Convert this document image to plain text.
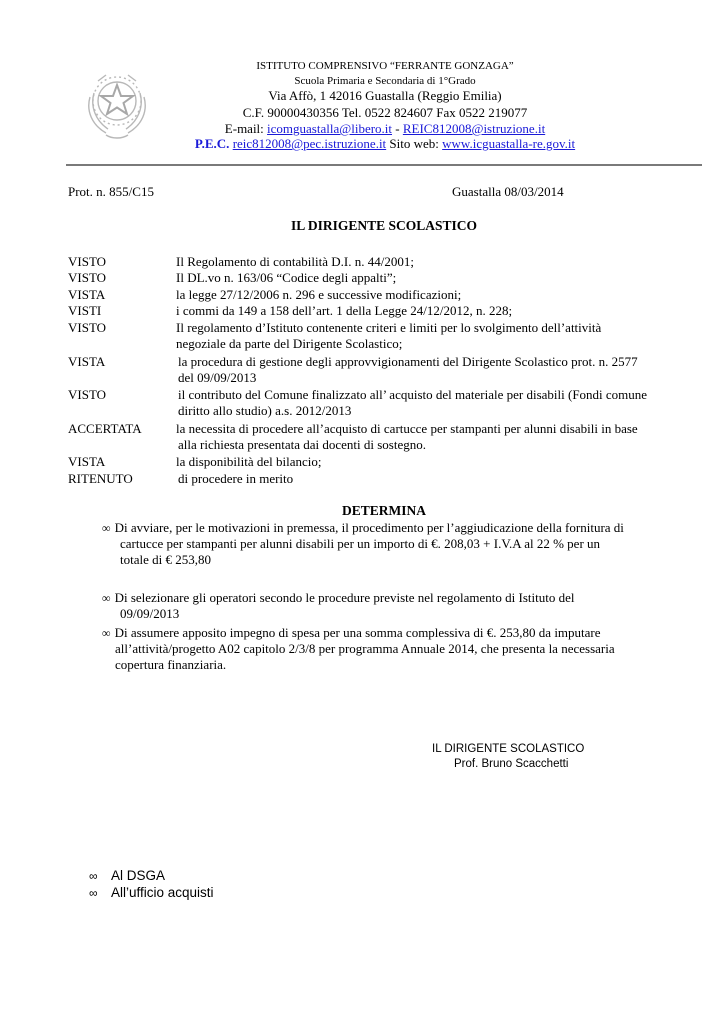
ISTITUTO COMPRENSIVO “FERRANTE GONZAGA”
Scuola Primaria e Secondaria di 1°Grado
Via Affò, 1 42016 Guastalla (Reggio Emilia)
C.F. 90000430356 Tel. 0522 824607 Fax 0522 219077
E-mail: icomguastalla@libero.it - REIC812008@istruzione.it
P.E.C. reic812008@pec.istruzione.it Sito web: www.icguastalla-re.gov.it
Prot. n. 855/C15	Guastalla 08/03/2014
IL DIRIGENTE SCOLASTICO
VISTO	Il Regolamento di contabilità D.I. n. 44/2001;
VISTO	Il DL.vo n. 163/06 “Codice degli appalti”;
VISTA	la legge 27/12/2006 n. 296 e successive modificazioni;
VISTI	i commi da 149 a 158 dell’art. 1 della Legge 24/12/2012, n. 228;
VISTO	Il regolamento d’Istituto contenente criteri e limiti per lo svolgimento dell’attività
negoziale da parte del Dirigente Scolastico;
VISTA	la procedura di gestione degli approvvigionamenti del Dirigente Scolastico prot. n. 2577
del 09/09/2013
VISTO	il contributo del Comune finalizzato all’ acquisto del materiale per disabili (Fondi comune
diritto allo studio) a.s. 2012/2013
ACCERTATA	la necessita di procedere all’acquisto di cartucce per stampanti per alunni disabili in base
alla richiesta presentata dai docenti di sostegno.
VISTA	la disponibilità del bilancio;
RITENUTO	di procedere in merito
DETERMINA
∞ Di avviare, per le motivazioni in premessa, il procedimento per l’aggiudicazione della fornitura di
cartucce per stampanti per alunni disabili per un importo di €. 208,03 + I.V.A al 22 % per un
totale di € 253,80
∞ Di selezionare gli operatori secondo le procedure previste nel regolamento di Istituto del
09/09/2013
∞ Di assumere apposito impegno di spesa per una somma complessiva di €. 253,80 da imputare
all’attività/progetto A02 capitolo 2/3/8 per programma Annuale 2014, che presenta la necessaria
copertura finanziaria.
IL DIRIGENTE SCOLASTICO
Prof. Bruno Scacchetti
∞ Al DSGA
∞ All’ufficio acquisti
